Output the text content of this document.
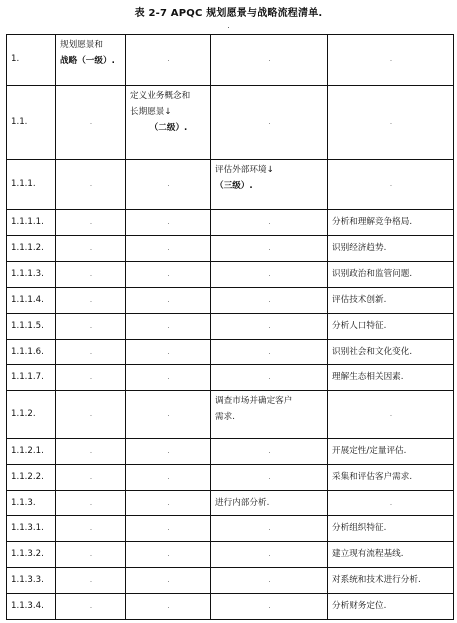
表 2-7 APQC 规划愿景与战略流程清单.
.
1.	规划愿景和
战略（一级）.	.	.	.
1.1.	.	定义业务概念和
长期愿景↓
（二级）.	.	.
1.1.1.	.	.	评估外部环境↓
（三级）.	.
1.1.1.1.	.	.	.	分析和理解竞争格局.

1.1.1.2.	.	.	.	识别经济趋势.

1.1.1.3.	.	.	.	识别政治和监管问题.

1.1.1.4.	.	.	.	评估技术创新.

1.1.1.5.	.	.	.	分析人口特征.

1.1.1.6.	.	.	.	识别社会和文化变化.

1.1.1.7.	.	.	.	理解生态相关因素.

1.1.2.	.	.	调查市场并确定客户
需求.	.
1.1.2.1.	.	.	.	开展定性/定量评估.

1.1.2.2.	.	.	.	采集和评估客户需求.

1.1.3.	.	.	进行内部分析.	.
1.1.3.1.	.	.	.	分析组织特征.

1.1.3.2.	.	.	.	建立现有流程基线.

1.1.3.3.	.	.	.	对系统和技术进行分析.

1.1.3.4.	.	.	.	分析财务定位.
